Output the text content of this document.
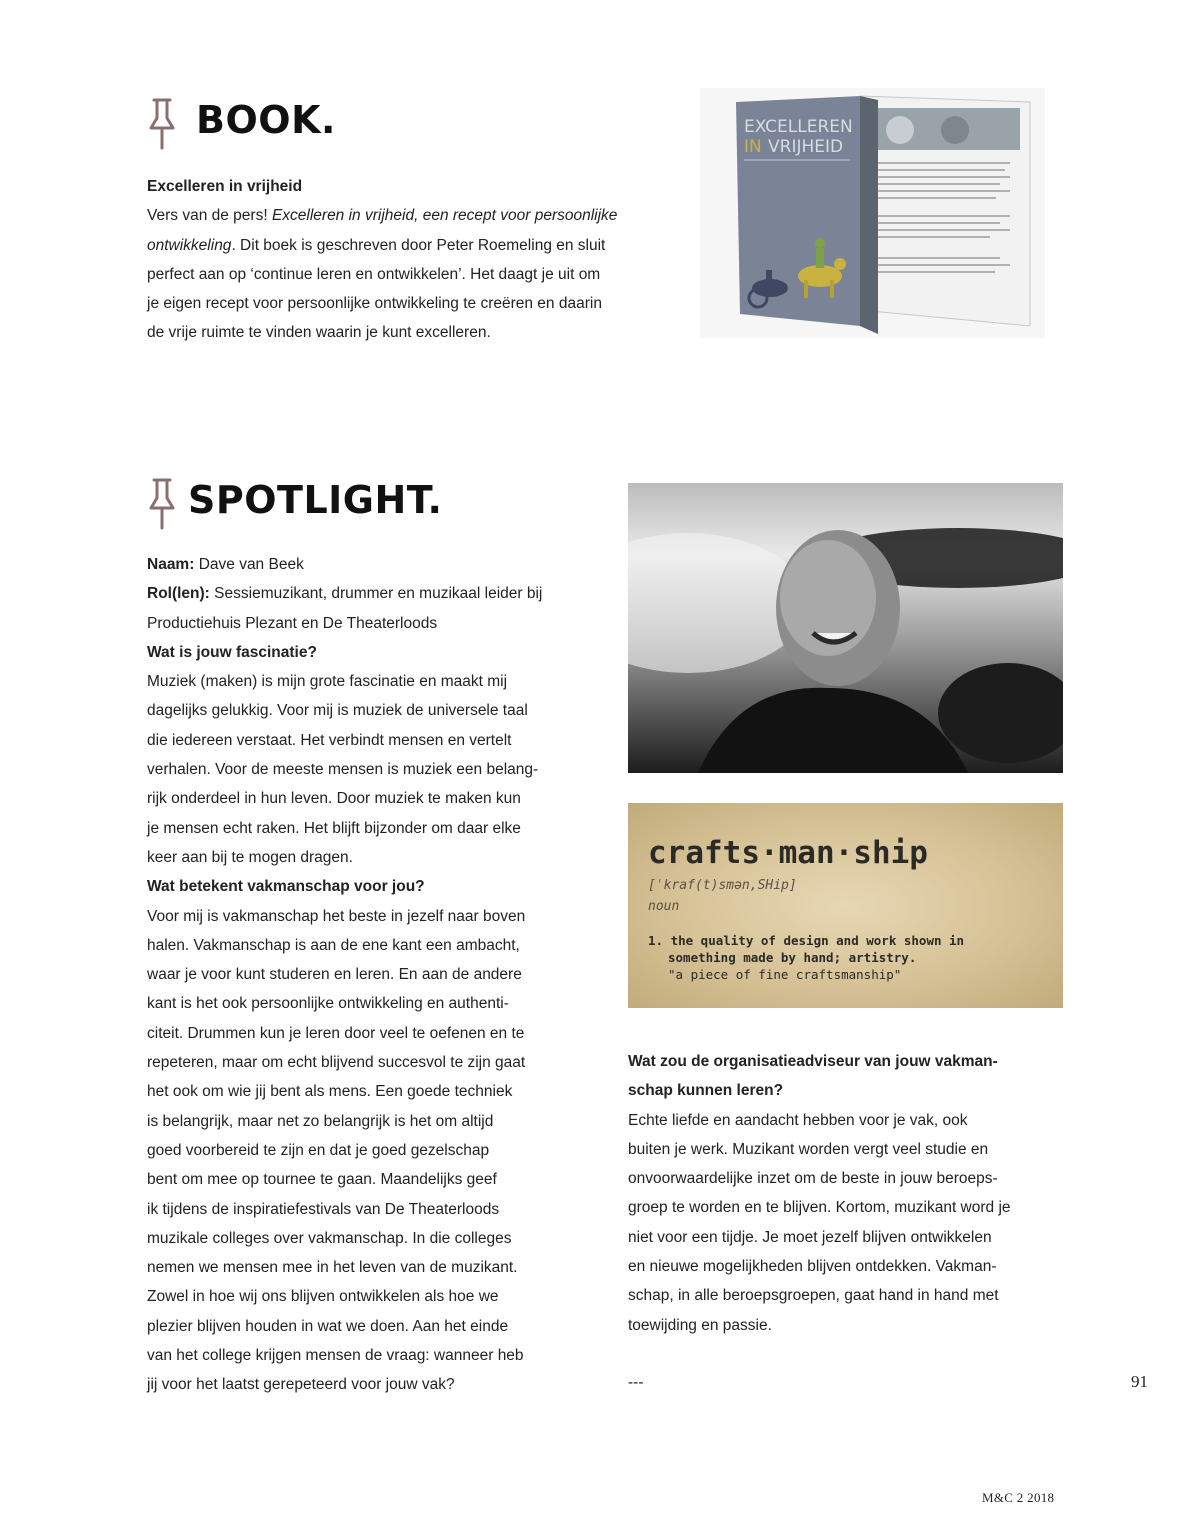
BOOK.

Excelleren in vrijheid

Vers van de pers! Excelleren in vrijheid, een recept voor persoonlijke

ontwikkeling. Dit boek is geschreven door Peter Roemeling en sluit

perfect aan op ‘continue leren en ontwikkelen’. Het daagt je uit om

je eigen recept voor persoonlijke ontwikkeling te creëren en daarin

de vrije ruimte te vinden waarin je kunt excelleren.

EXCELLEREN
IN VRIJHEID
SPOTLIGHT.

Naam: Dave van Beek

Rol(len): Sessiemuzikant, drummer en muzikaal leider bij

Productiehuis Plezant en De Theaterloods

Wat is jouw fascinatie?

Muziek (maken) is mijn grote fascinatie en maakt mij

dagelijks gelukkig. Voor mij is muziek de universele taal

die iedereen verstaat. Het verbindt mensen en vertelt

verhalen. Voor de meeste mensen is muziek een belang-

rijk onderdeel in hun leven. Door muziek te maken kun

je mensen echt raken. Het blijft bijzonder om daar elke

keer aan bij te mogen dragen.

Wat betekent vakmanschap voor jou?

Voor mij is vakmanschap het beste in jezelf naar boven

halen. Vakmanschap is aan de ene kant een ambacht,

waar je voor kunt studeren en leren. En aan de andere

kant is het ook persoonlijke ontwikkeling en authenti-

citeit. Drummen kun je leren door veel te oefenen en te

repeteren, maar om echt blijvend succesvol te zijn gaat

het ook om wie jij bent als mens. Een goede techniek

is belangrijk, maar net zo belangrijk is het om altijd

goed voorbereid te zijn en dat je goed gezelschap

bent om mee op tournee te gaan. Maandelijks geef

ik tijdens de inspiratiefestivals van De Theaterloods

muzikale colleges over vakmanschap. In die colleges

nemen we mensen mee in het leven van de muzikant.

Zowel in hoe wij ons blijven ontwikkelen als hoe we

plezier blijven houden in wat we doen. Aan het einde

van het college krijgen mensen de vraag: wanneer heb

jij voor het laatst gerepeteerd voor jouw vak?

crafts·man·ship
[ˈkraf(t)smən,SHip]
noun
1. the quality of design and work shown in
something made by hand; artistry.
"a piece of fine craftsmanship"

Wat zou de organisatieadviseur van jouw vakman-

schap kunnen leren?

Echte liefde en aandacht hebben voor je vak, ook

buiten je werk. Muzikant worden vergt veel studie en

onvoorwaardelijke inzet om de beste in jouw beroeps-

groep te worden en te blijven. Kortom, muzikant word je

niet voor een tijdje. Je moet jezelf blijven ontwikkelen

en nieuwe mogelijkheden blijven ontdekken. Vakman-

schap, in alle beroepsgroepen, gaat hand in hand met

toewijding en passie.

---	91
M&C 2 2018
